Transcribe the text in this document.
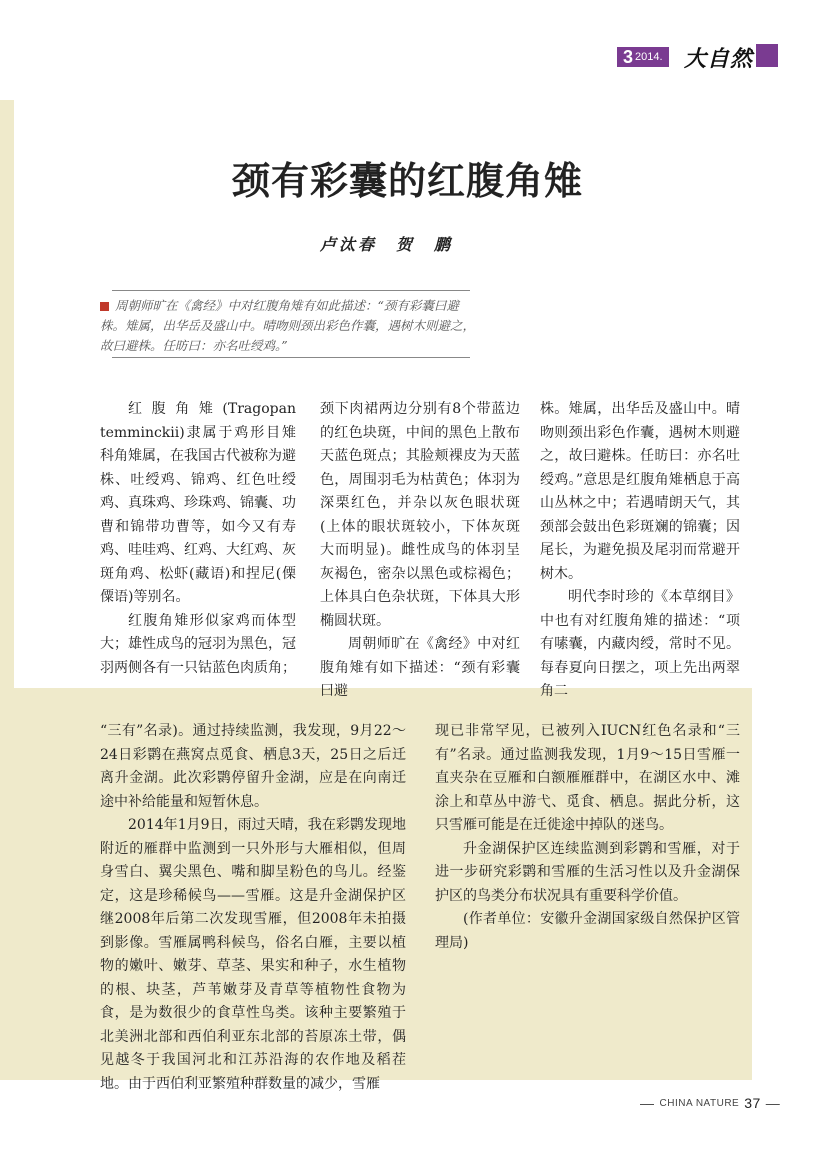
3 2014. 大自然
颈有彩囊的红腹角雉
卢汰春　贺　鹏
周朝师旷在《禽经》中对红腹角雉有如此描述：“颈有彩囊曰避株。雉属，出华岳及盛山中。晴昒则颈出彩色作囊，遇树木则避之，故曰避株。任昉曰：亦名吐绶鸡。”

红腹角雉(Tragopan temminckii)隶属于鸡形目雉科角雉属，在我国古代被称为避株、吐绶鸡、锦鸡、红色吐绶鸡、真珠鸡、珍珠鸡、锦囊、功曹和锦带功曹等，如今又有寿鸡、哇哇鸡、红鸡、大红鸡、灰斑角鸡、松虾(藏语)和捏尼(傈僳语)等别名。

红腹角雉形似家鸡而体型大；雄性成鸟的冠羽为黑色，冠羽两侧各有一只钴蓝色肉质角；

颈下肉裙两边分别有8个带蓝边的红色块斑，中间的黑色上散布天蓝色斑点；其脸颊裸皮为天蓝色，周围羽毛为枯黄色；体羽为深栗红色，并杂以灰色眼状斑(上体的眼状斑较小，下体灰斑大而明显)。雌性成鸟的体羽呈灰褐色，密杂以黑色或棕褐色；上体具白色杂状斑，下体具大形椭圆状斑。

周朝师旷在《禽经》中对红腹角雉有如下描述：“颈有彩囊曰避

株。雉属，出华岳及盛山中。晴昒则颈出彩色作囊，遇树木则避之，故曰避株。任昉曰：亦名吐绶鸡。”意思是红腹角雉栖息于高山丛林之中；若遇晴朗天气，其颈部会鼓出色彩斑斓的锦囊；因尾长，为避免损及尾羽而常避开树木。

明代李时珍的《本草纲目》中也有对红腹角雉的描述：“项有嗉囊，内藏肉绶，常时不见。每春夏向日摆之，项上先出两翠角二

“三有”名录)。通过持续监测，我发现，9月22～24日彩鹮在燕窝点觅食、栖息3天，25日之后迁离升金湖。此次彩鹮停留升金湖，应是在向南迁途中补给能量和短暂休息。

2014年1月9日，雨过天晴，我在彩鹮发现地附近的雁群中监测到一只外形与大雁相似，但周身雪白、翼尖黑色、嘴和脚呈粉色的鸟儿。经鉴定，这是珍稀候鸟——雪雁。这是升金湖保护区继2008年后第二次发现雪雁，但2008年未拍摄到影像。雪雁属鸭科候鸟，俗名白雁，主要以植物的嫩叶、嫩芽、草茎、果实和种子，水生植物的根、块茎，芦苇嫩芽及青草等植物性食物为食，是为数很少的食草性鸟类。该种主要繁殖于北美洲北部和西伯利亚东北部的苔原冻土带，偶见越冬于我国河北和江苏沿海的农作地及稻茬地。由于西伯利亚繁殖种群数量的减少，雪雁

现已非常罕见，已被列入IUCN红色名录和“三有”名录。通过监测我发现，1月9～15日雪雁一直夹杂在豆雁和白额雁雁群中，在湖区水中、滩涂上和草丛中游弋、觅食、栖息。据此分析，这只雪雁可能是在迁徙途中掉队的迷鸟。

升金湖保护区连续监测到彩鹮和雪雁，对于进一步研究彩鹮和雪雁的生活习性以及升金湖保护区的鸟类分布状况具有重要科学价值。

(作者单位：安徽升金湖国家级自然保护区管理局)

— CHINA NATURE 37 —
